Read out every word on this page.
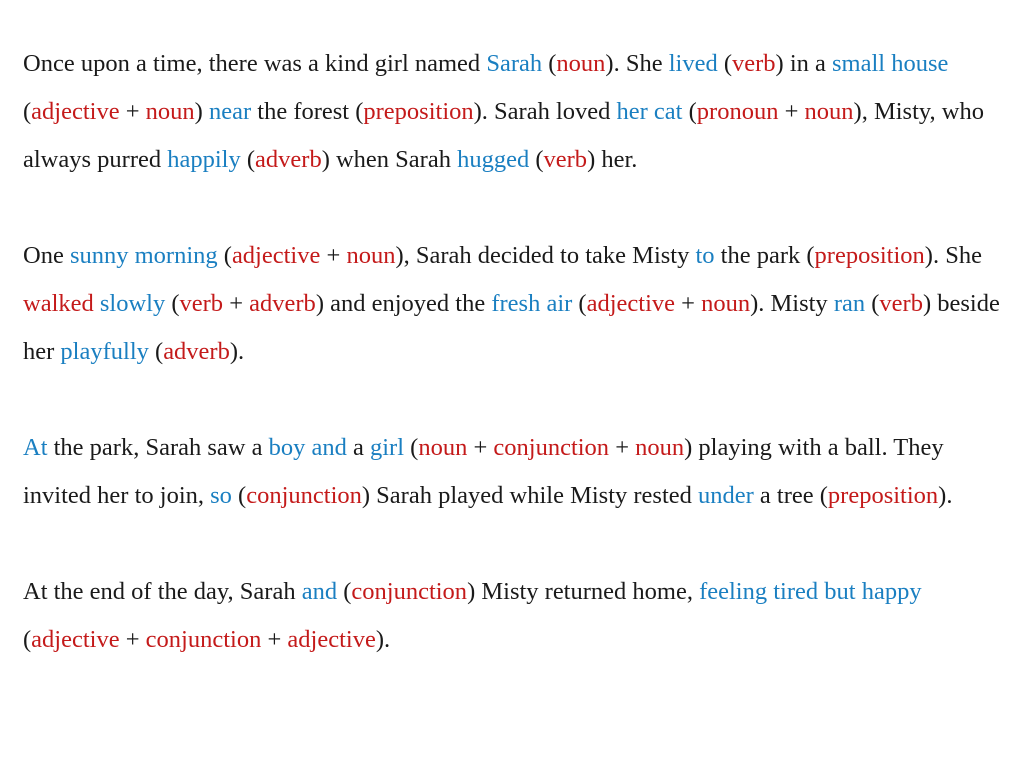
Once upon a time, there was a kind girl named Sarah (noun). She lived (verb) in a small house (adjective + noun) near the forest (preposition). Sarah loved her cat (pronoun + noun), Misty, who always purred happily (adverb) when Sarah hugged (verb) her.

One sunny morning (adjective + noun), Sarah decided to take Misty to the park (preposition). She walked slowly (verb + adverb) and enjoyed the fresh air (adjective + noun). Misty ran (verb) beside her playfully (adverb).

At the park, Sarah saw a boy and a girl (noun + conjunction + noun) playing with a ball. They invited her to join, so (conjunction) Sarah played while Misty rested under a tree (preposition).

At the end of the day, Sarah and (conjunction) Misty returned home, feeling tired but happy (adjective + conjunction + adjective).
